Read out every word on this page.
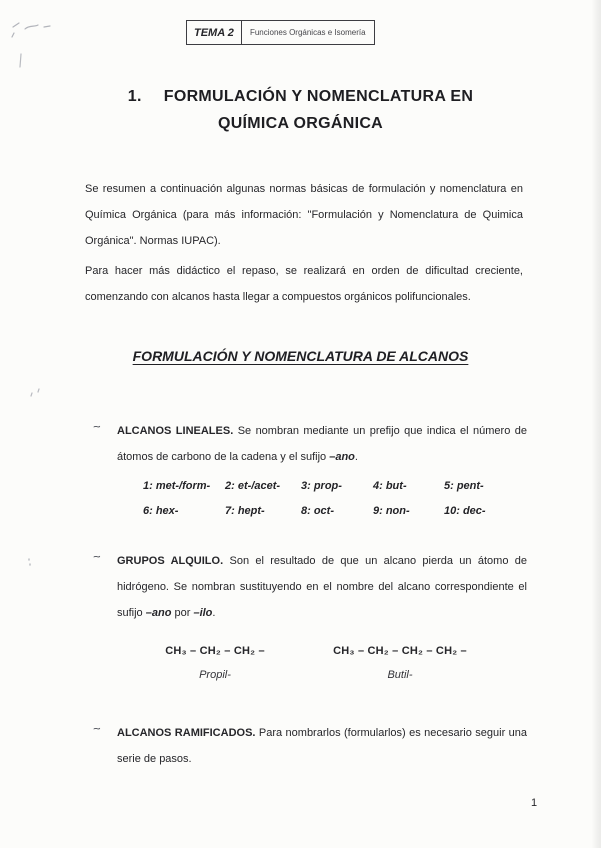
TEMA 2	Funciones Orgánicas e Isomería
1. FORMULACIÓN Y NOMENCLATURA EN
QUÍMICA ORGÁNICA

Se resumen a continuación algunas normas básicas de formulación y nomenclatura en Química Orgánica (para más información: "Formulación y Nomenclatura de Quimica Orgánica". Normas IUPAC).

Para hacer más didáctico el repaso, se realizará en orden de dificultad creciente, comenzando con alcanos hasta llegar a compuestos orgánicos polifuncionales.

FORMULACIÓN Y NOMENCLATURA DE ALCANOS
~ ALCANOS LINEALES. Se nombran mediante un prefijo que indica el número de átomos de carbono de la cadena y el sufijo –ano.
1: met-/form-	2: et-/acet-	3: prop-	4: but-	5: pent-
6: hex-	7: hept-	8: oct-	9: non-	10: dec-
~ GRUPOS ALQUILO. Son el resultado de que un alcano pierda un átomo de hidrógeno. Se nombran sustituyendo en el nombre del alcano correspondiente el sufijo –ano por –ilo.
CH₃ – CH₂ – CH₂ –
Propil-
CH₃ – CH₂ – CH₂ – CH₂ –
Butil-
~ ALCANOS RAMIFICADOS. Para nombrarlos (formularlos) es necesario seguir una serie de pasos.
1
